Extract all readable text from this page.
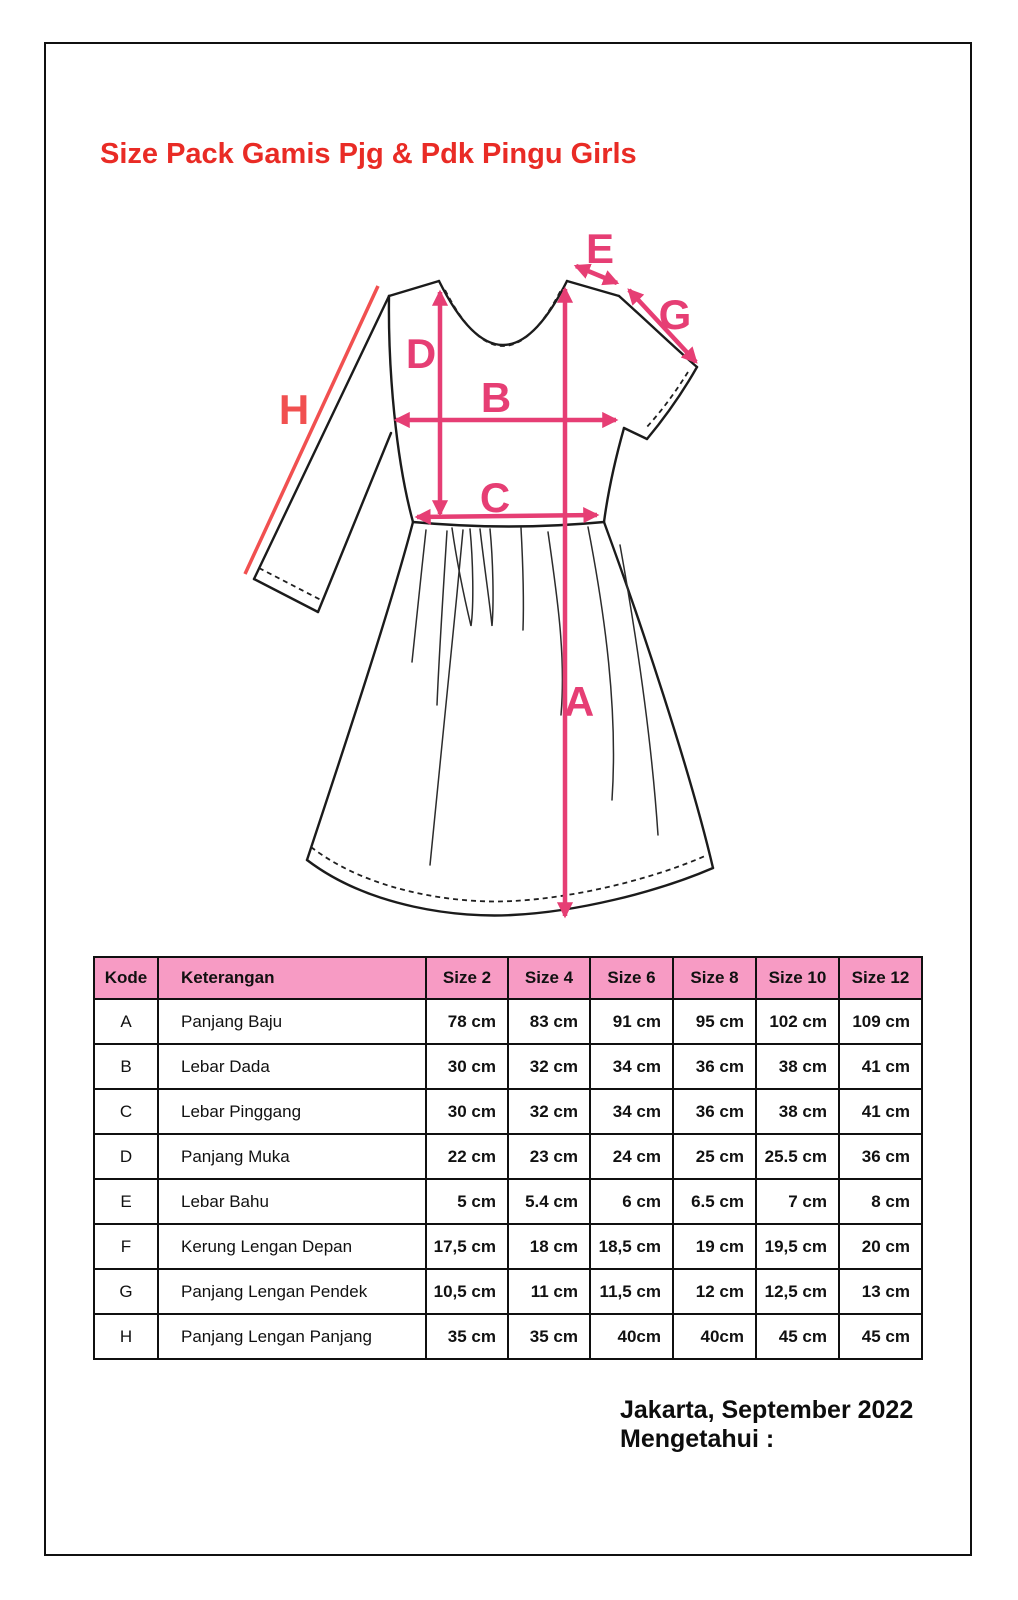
Size Pack Gamis Pjg & Pdk Pingu Girls
D
B
C
A
E
G
H
Kode	Keterangan	Size 2	Size 4	Size 6	Size 8	Size 10	Size 12
A	Panjang Baju	78 cm	83 cm	91 cm	95 cm	102 cm	109 cm
B	Lebar Dada	30 cm	32 cm	34 cm	36 cm	38 cm	41 cm
C	Lebar Pinggang	30 cm	32 cm	34 cm	36 cm	38 cm	41 cm
D	Panjang Muka	22 cm	23 cm	24 cm	25 cm	25.5 cm	36 cm
E	Lebar Bahu	5 cm	5.4 cm	6 cm	6.5 cm	7 cm	8 cm
F	Kerung Lengan Depan	17,5 cm	18 cm	18,5 cm	19 cm	19,5 cm	20 cm
G	Panjang Lengan Pendek	10,5 cm	11 cm	11,5 cm	12 cm	12,5 cm	13 cm
H	Panjang Lengan Panjang	35 cm	35 cm	40cm	40cm	45 cm	45 cm
Jakarta, September 2022
Mengetahui :
